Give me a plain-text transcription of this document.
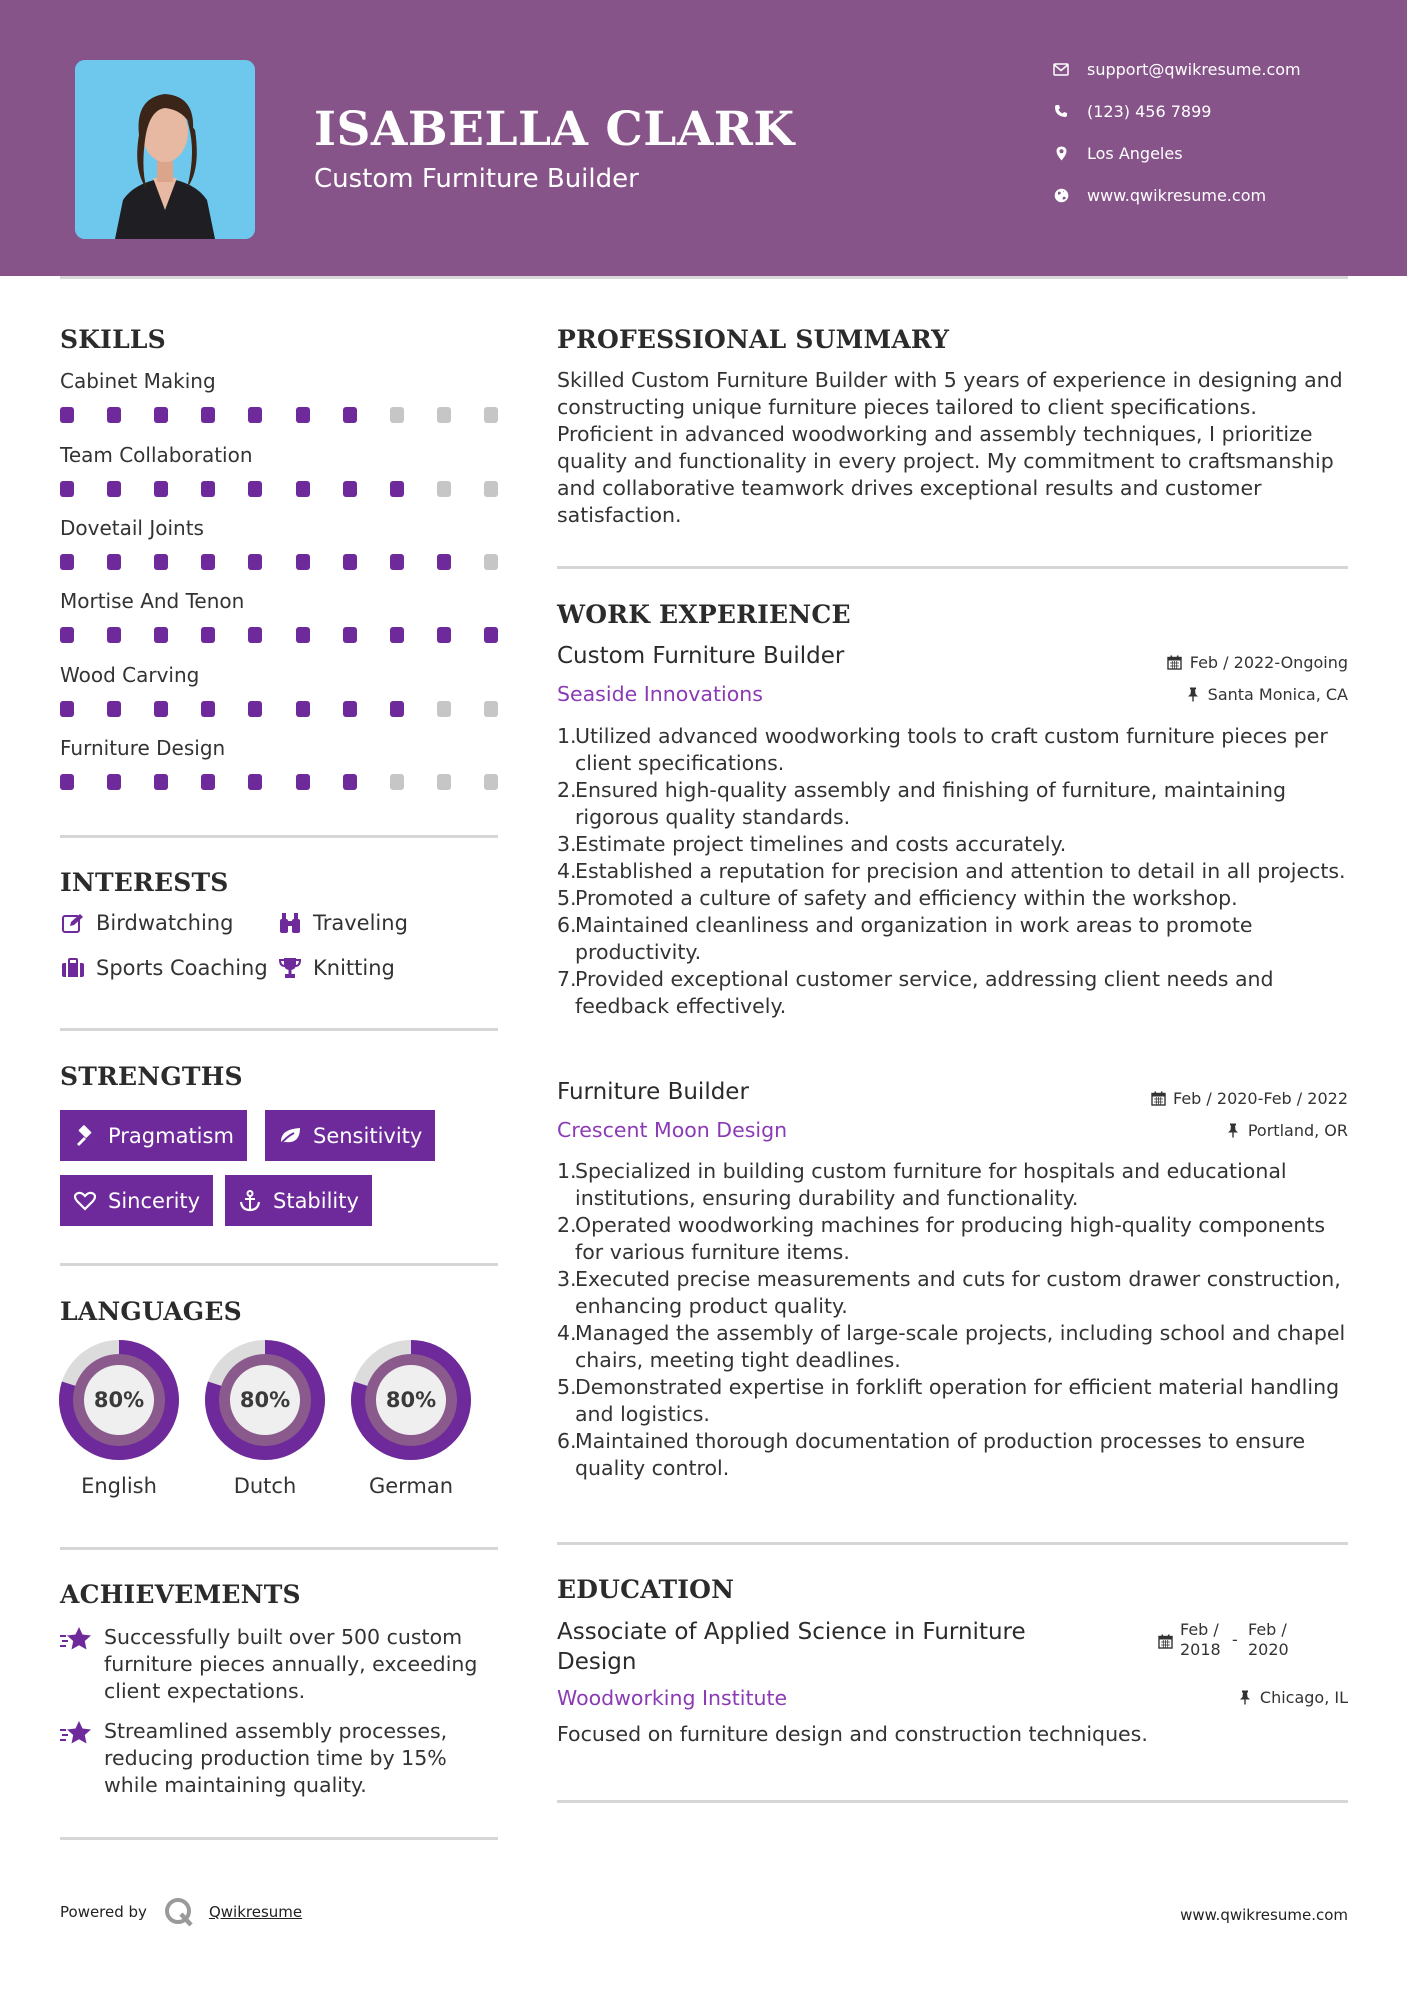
ISABELLA CLARK
Custom Furniture Builder
support@qwikresume.com
(123) 456 7899
Los Angeles
www.qwikresume.com
SKILLS
Cabinet Making
Team Collaboration
Dovetail Joints
Mortise And Tenon
Wood Carving
Furniture Design
INTERESTS
Birdwatching	Traveling
Sports Coaching Knitting
STRENGTHS
Pragmatism	Sensitivity
Sincerity	Stability
LANGUAGES
80%
English
80%
Dutch
80%
German
ACHIEVEMENTS
Successfully built over 500 custom furniture pieces annually, exceeding client expectations.
Streamlined assembly processes, reducing production time by 15% while maintaining quality.
PROFESSIONAL SUMMARY
Skilled Custom Furniture Builder with 5 years of experience in designing and constructing unique furniture pieces tailored to client specifications. Proficient in advanced woodworking and assembly techniques, I prioritize quality and functionality in every project. My commitment to craftsmanship and collaborative teamwork drives exceptional results and customer satisfaction.
WORK EXPERIENCE
Custom Furniture Builder	Feb / 2022-Ongoing
Seaside Innovations	Santa Monica, CA
1.
Utilized advanced woodworking tools to craft custom furniture pieces per client specifications.
2.
Ensured high-quality assembly and finishing of furniture, maintaining rigorous quality standards.
3.
Estimate project timelines and costs accurately.
4.
Established a reputation for precision and attention to detail in all projects.
5.
Promoted a culture of safety and efficiency within the workshop.
6.
Maintained cleanliness and organization in work areas to promote productivity.
7.
Provided exceptional customer service, addressing client needs and feedback effectively.
Furniture Builder	Feb / 2020-Feb / 2022
Crescent Moon Design	Portland, OR
1.
Specialized in building custom furniture for hospitals and educational institutions, ensuring durability and functionality.
2.
Operated woodworking machines for producing high-quality components for various furniture items.
3.
Executed precise measurements and cuts for custom drawer construction, enhancing product quality.
4.
Managed the assembly of large-scale projects, including school and chapel chairs, meeting tight deadlines.
5.
Demonstrated expertise in forklift operation for efficient material handling and logistics.
6.
Maintained thorough documentation of production processes to ensure quality control.
EDUCATION
Associate of Applied Science in Furniture Design
Feb / 2018
-
Feb / 2020
Woodworking Institute	Chicago, IL
Focused on furniture design and construction techniques.
Powered by	Qwikresume	www.qwikresume.com
